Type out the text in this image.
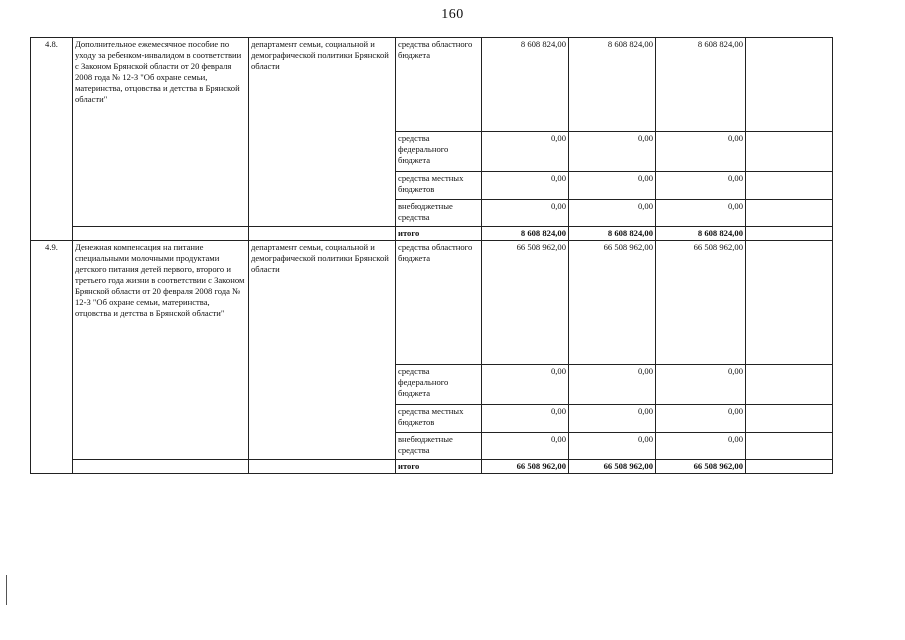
160
4.8.	Дополнительное ежемесячное пособие по уходу за ребенком-инвалидом в соответствии с Законом Брянской области от 20 февраля 2008 года № 12-З "Об охране семьи, материнства, отцовства и детства в Брянской области"	департамент семьи, социальной и демографической политики Брянской области	средства областного бюджета	8 608 824,00	8 608 824,00	8 608 824,00	
			средства федерального бюджета	0,00	0,00	0,00	
			средства местных бюджетов	0,00	0,00	0,00	
			внебюджетные средства	0,00	0,00	0,00	
			итого	8 608 824,00	8 608 824,00	8 608 824,00	
4.9.	Денежная компенсация на питание специальными молочными продуктами детского питания детей первого, второго и третьего года жизни в соответствии с Законом Брянской области от 20 февраля 2008 года № 12-З "Об охране семьи, материнства, отцовства и детства в Брянской области"	департамент семьи, социальной и демографической политики Брянской области	средства областного бюджета	66 508 962,00	66 508 962,00	66 508 962,00	
			средства федерального бюджета	0,00	0,00	0,00	
			средства местных бюджетов	0,00	0,00	0,00	
			внебюджетные средства	0,00	0,00	0,00	
			итого	66 508 962,00	66 508 962,00	66 508 962,00	
